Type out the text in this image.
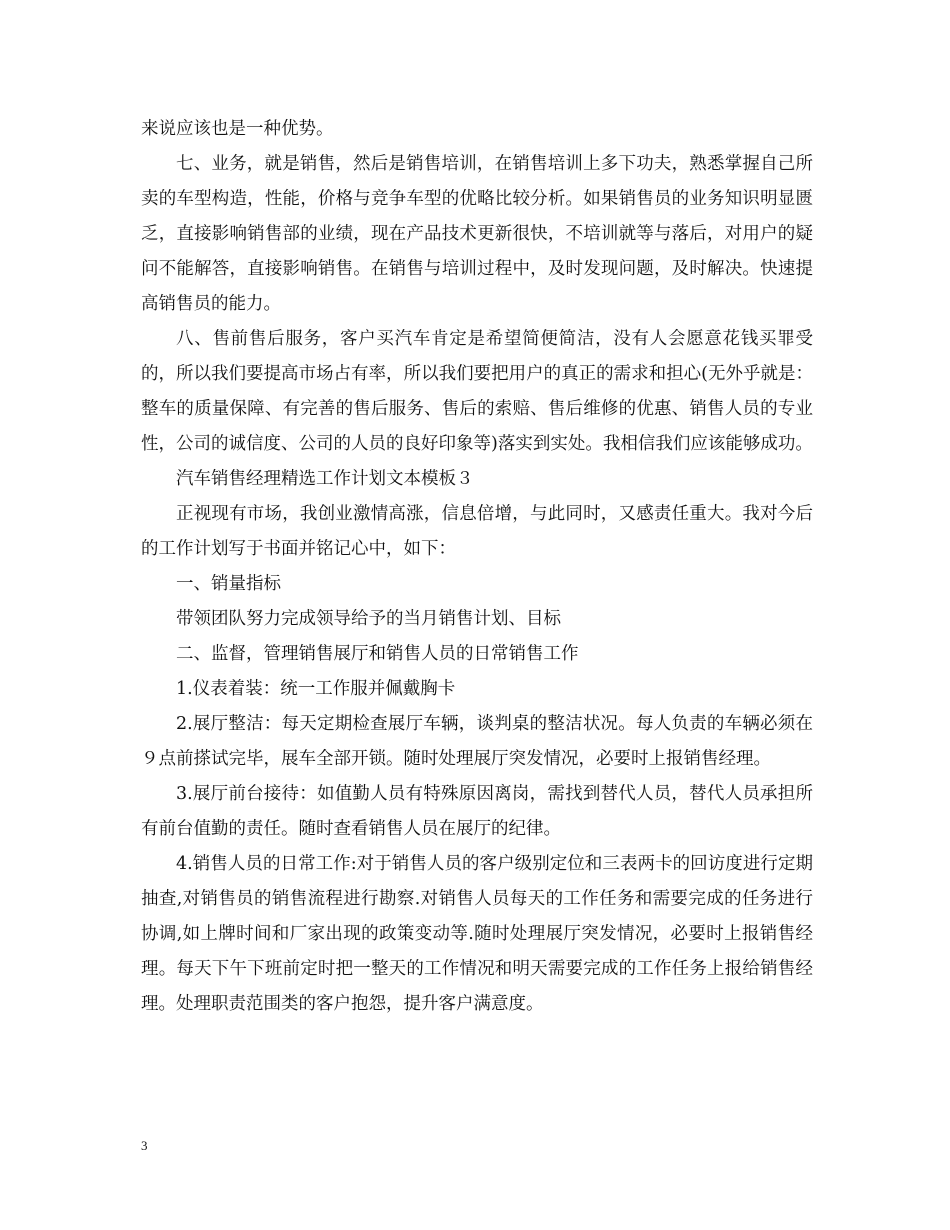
来说应该也是一种优势。

七、业务，就是销售，然后是销售培训，在销售培训上多下功夫，熟悉掌握自己所卖的车型构造，性能，价格与竞争车型的优略比较分析。如果销售员的业务知识明显匮乏，直接影响销售部的业绩，现在产品技术更新很快，不培训就等与落后，对用户的疑问不能解答，直接影响销售。在销售与培训过程中，及时发现问题，及时解决。快速提高销售员的能力。

八、售前售后服务，客户买汽车肯定是希望简便简洁，没有人会愿意花钱买罪受的，所以我们要提高市场占有率，所以我们要把用户的真正的需求和担心(无外乎就是：整车的质量保障、有完善的售后服务、售后的索赔、售后维修的优惠、销售人员的专业性，公司的诚信度、公司的人员的良好印象等)落实到实处。我相信我们应该能够成功。

汽车销售经理精选工作计划文本模板３

正视现有市场，我创业激情高涨，信息倍增，与此同时，又感责任重大。我对今后的工作计划写于书面并铭记心中，如下：

一、销量指标

带领团队努力完成领导给予的当月销售计划、目标

二、监督，管理销售展厅和销售人员的日常销售工作

1.仪表着装：统一工作服并佩戴胸卡

2.展厅整洁：每天定期检查展厅车辆，谈判桌的整洁状况。每人负责的车辆必须在９点前搽试完毕，展车全部开锁。随时处理展厅突发情况，必要时上报销售经理。

3.展厅前台接待：如值勤人员有特殊原因离岗，需找到替代人员，替代人员承担所有前台值勤的责任。随时查看销售人员在展厅的纪律。

4.销售人员的日常工作:对于销售人员的客户级别定位和三表两卡的回访度进行定期抽查,对销售员的销售流程进行勘察.对销售人员每天的工作任务和需要完成的任务进行协调,如上牌时间和厂家出现的政策变动等.随时处理展厅突发情况，必要时上报销售经理。每天下午下班前定时把一整天的工作情况和明天需要完成的工作任务上报给销售经理。处理职责范围类的客户抱怨，提升客户满意度。

3
